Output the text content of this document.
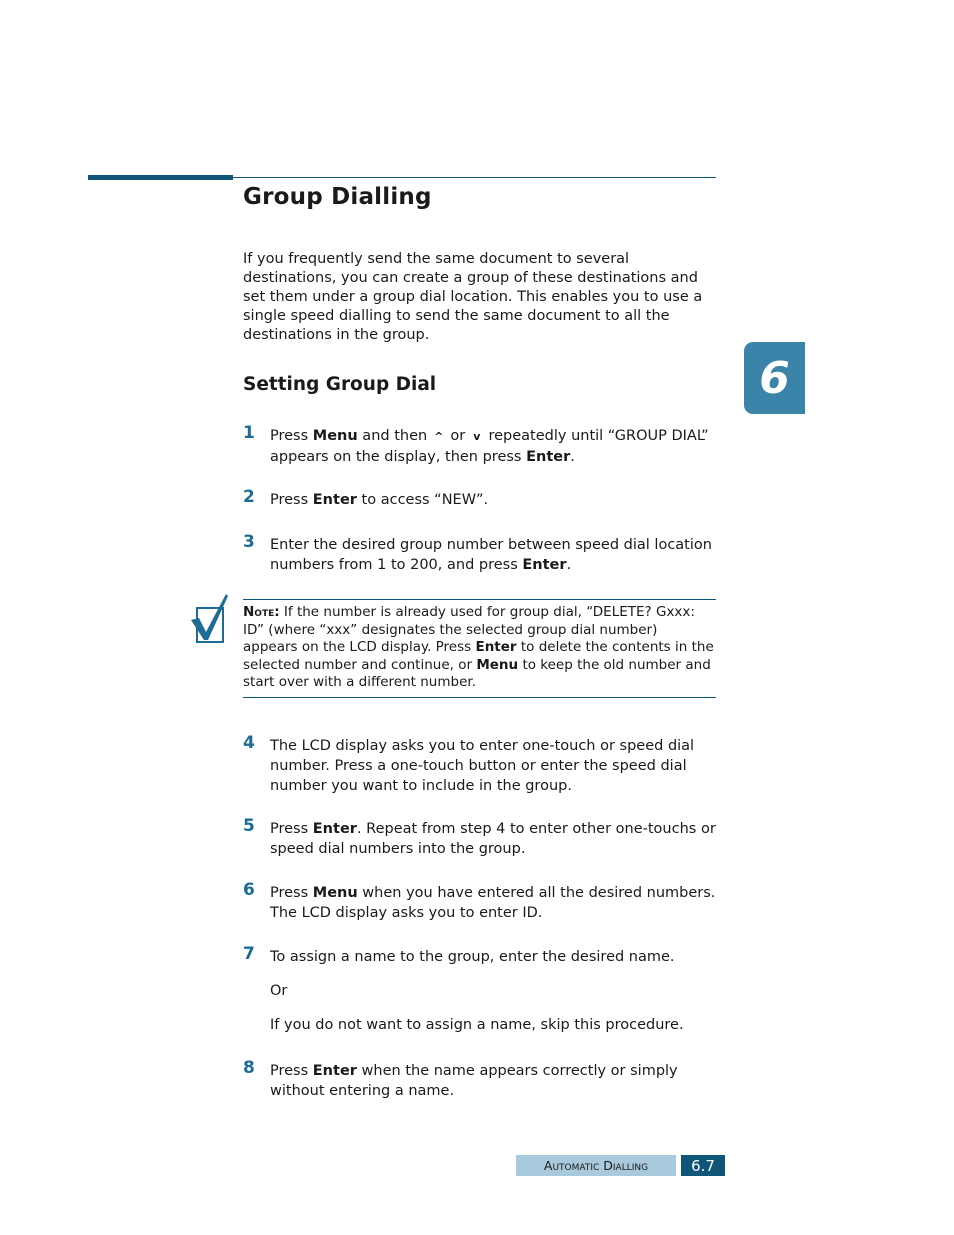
Group Dialling

If you frequently send the same document to several destinations, you can create a group of these destinations and set them under a group dial location. This enables you to use a single speed dialling to send the same document to all the destinations in the group.

6
Setting Group Dial
1 Press Menu and then ^ or v repeatedly until “GROUP DIAL” appears on the display, then press Enter.

2 Press Enter to access “NEW”.

3 Enter the desired group number between speed dial location numbers from 1 to 200, and press Enter.

Note: If the number is already used for group dial, “DELETE? Gxxx: ID” (where “xxx” designates the selected group dial number) appears on the LCD display. Press Enter to delete the contents in the selected number and continue, or Menu to keep the old number and start over with a different number.

4 The LCD display asks you to enter one-touch or speed dial number. Press a one-touch button or enter the speed dial number you want to include in the group.

5 Press Enter. Repeat from step 4 to enter other one-touchs or speed dial numbers into the group.

6 Press Menu when you have entered all the desired numbers. The LCD display asks you to enter ID.

7 To assign a name to the group, enter the desired name.

Or

If you do not want to assign a name, skip this procedure.

8 Press Enter when the name appears correctly or simply without entering a name.

Automatic Dialling	6.7
